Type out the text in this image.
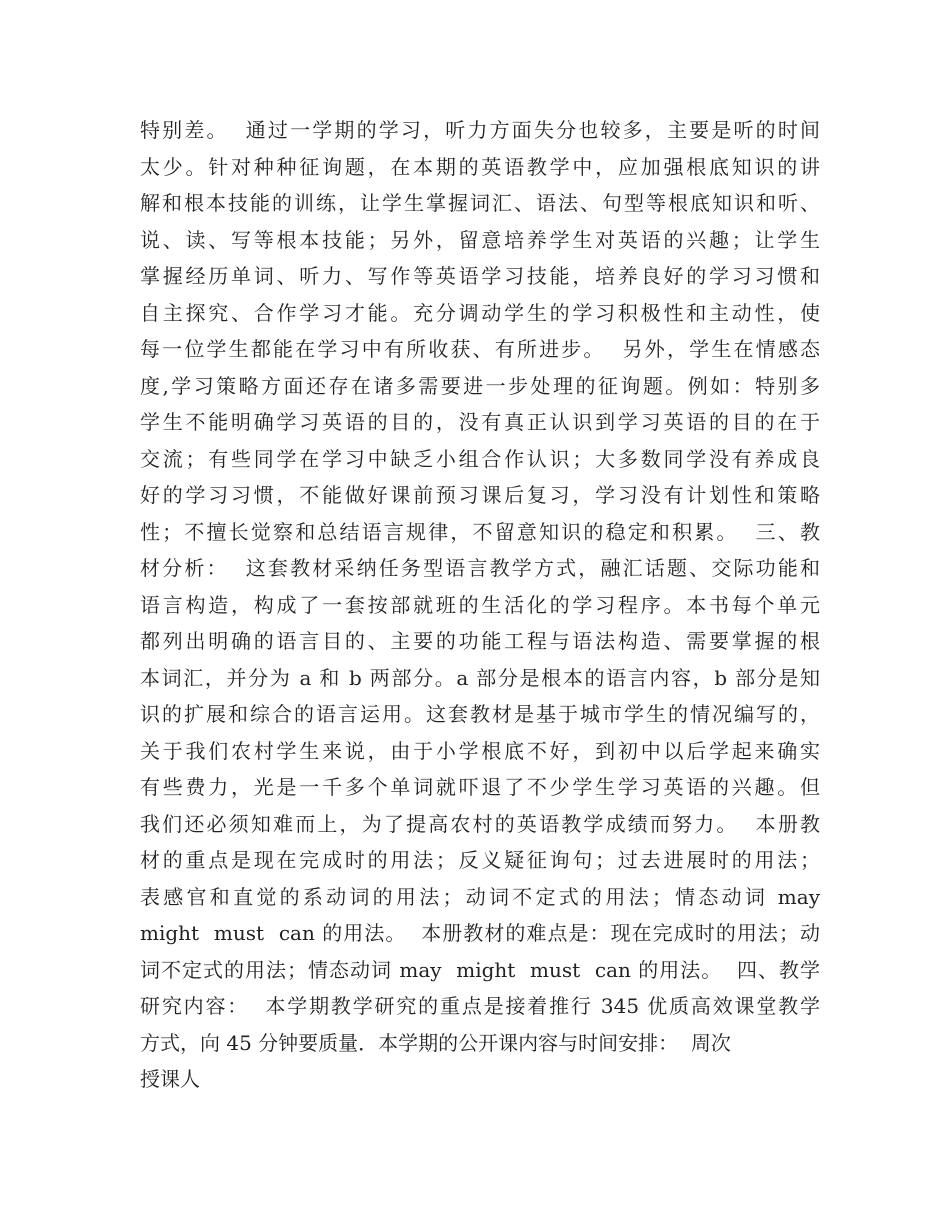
特别差。  通过一学期的学习，听力方面失分也较多，主要是听的时间
太少。针对种种征询题，在本期的英语教学中，应加强根底知识的讲
解和根本技能的训练，让学生掌握词汇、语法、句型等根底知识和听、
说、读、写等根本技能；另外，留意培养学生对英语的兴趣；让学生
掌握经历单词、听力、写作等英语学习技能，培养良好的学习习惯和
自主探究、合作学习才能。充分调动学生的学习积极性和主动性，使
每一位学生都能在学习中有所收获、有所进步。  另外，学生在情感态
度,学习策略方面还存在诸多需要进一步处理的征询题。例如：特别多
学生不能明确学习英语的目的，没有真正认识到学习英语的目的在于
交流；有些同学在学习中缺乏小组合作认识；大多数同学没有养成良
好的学习习惯，不能做好课前预习课后复习，学习没有计划性和策略
性；不擅长觉察和总结语言规律，不留意知识的稳定和积累。  三、教
材分析：  这套教材采纳任务型语言教学方式，融汇话题、交际功能和
语言构造，构成了一套按部就班的生活化的学习程序。本书每个单元
都列出明确的语言目的、主要的功能工程与语法构造、需要掌握的根
本词汇，并分为 a 和 b 两部分。a 部分是根本的语言内容，b 部分是知
识的扩展和综合的语言运用。这套教材是基于城市学生的情况编写的，
关于我们农村学生来说，由于小学根底不好，到初中以后学起来确实
有些费力，光是一千多个单词就吓退了不少学生学习英语的兴趣。但
我们还必须知难而上，为了提高农村的英语教学成绩而努力。  本册教
材的重点是现在完成时的用法；反义疑征询句；过去进展时的用法；
表感官和直觉的系动词的用法；动词不定式的用法；情态动词 may
might  must  can 的用法。  本册教材的难点是：现在完成时的用法；动
词不定式的用法；情态动词 may  might  must  can 的用法。  四、教学
研究内容：  本学期教学研究的重点是接着推行 345 优质高效课堂教学
方式，向 45 分钟要质量．本学期的公开课内容与时间安排：  周次
授课人
